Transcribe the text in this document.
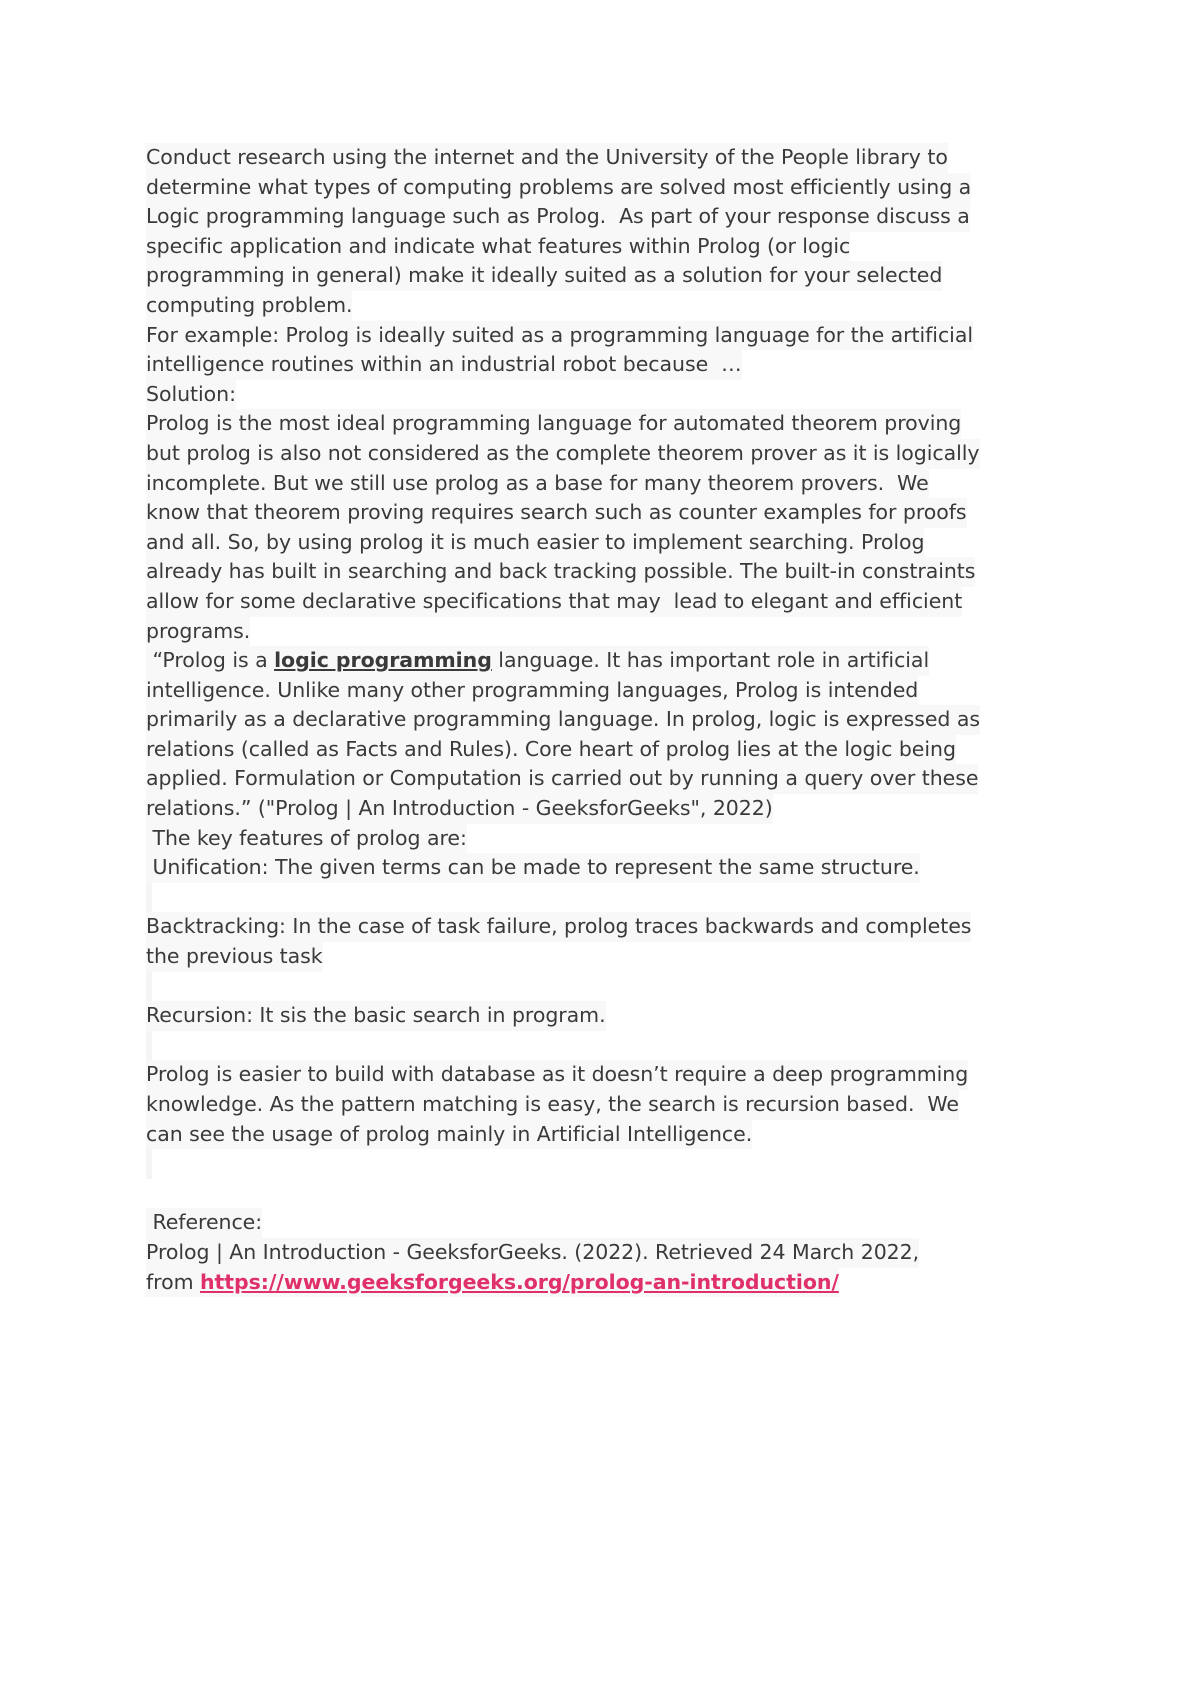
Conduct research using the internet and the University of the People library to
determine what types of computing problems are solved most efficiently using a
Logic programming language such as Prolog.  As part of your response discuss a
specific application and indicate what features within Prolog (or logic
programming in general) make it ideally suited as a solution for your selected
computing problem.
For example: Prolog is ideally suited as a programming language for the artificial
intelligence routines within an industrial robot because  …
Solution:
Prolog is the most ideal programming language for automated theorem proving
but prolog is also not considered as the complete theorem prover as it is logically
incomplete. But we still use prolog as a base for many theorem provers.  We
know that theorem proving requires search such as counter examples for proofs
and all. So, by using prolog it is much easier to implement searching. Prolog
already has built in searching and back tracking possible. The built-in constraints
allow for some declarative specifications that may  lead to elegant and efficient
programs.
“Prolog is a logic programming language. It has important role in artificial
intelligence. Unlike many other programming languages, Prolog is intended
primarily as a declarative programming language. In prolog, logic is expressed as
relations (called as Facts and Rules). Core heart of prolog lies at the logic being
applied. Formulation or Computation is carried out by running a query over these
relations.” ("Prolog | An Introduction - GeeksforGeeks", 2022)
The key features of prolog are:
Unification: The given terms can be made to represent the same structure.
Backtracking: In the case of task failure, prolog traces backwards and completes
the previous task
Recursion: It sis the basic search in program.
Prolog is easier to build with database as it doesn’t require a deep programming
knowledge. As the pattern matching is easy, the search is recursion based.  We
can see the usage of prolog mainly in Artificial Intelligence.
Reference:
Prolog | An Introduction - GeeksforGeeks. (2022). Retrieved 24 March 2022,
from https://www.geeksforgeeks.org/prolog-an-introduction/
